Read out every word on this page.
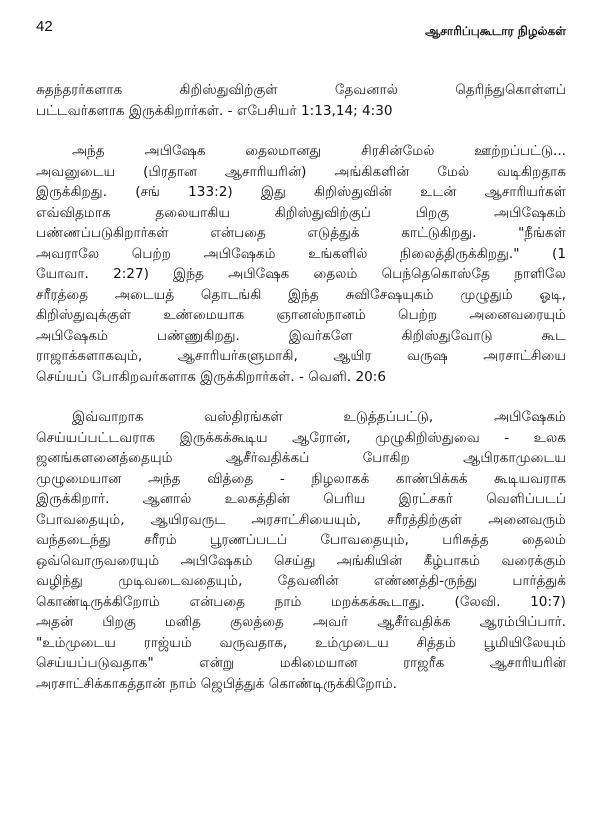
42	ஆசாரிப்புகூடார நிழல்கள்

சுதந்தரர்களாக கிறிஸ்துவிற்குள் தேவனால் தெரிந்துகொள்ளப்
பட்டவர்களாக இருக்கிறார்கள். - எபேசியர் 1:13,14; 4:30

அந்த அபிஷேக தைலமானது சிரசின்மேல் ஊற்றப்பட்டு...
அவனுடைய (பிரதான ஆசாரியரின்) அங்கிகளின் மேல் வடிகிறதாக
இருக்கிறது. (சங் 133:2) இது கிறிஸ்துவின் உடன் ஆசாரியர்கள்
எவ்விதமாக தலையாகிய கிறிஸ்துவிற்குப் பிறகு அபிஷேகம்
பண்ணப்படுகிறார்கள் என்பதை எடுத்துக் காட்டுகிறது. "நீங்கள்
அவராலே பெற்ற அபிஷேகம் உங்களில் நிலைத்திருக்கிறது." (1
யோவா. 2:27) இந்த அபிஷேக தைலம் பெந்தெகொஸ்தே நாளிலே
சரீரத்தை அடையத் தொடங்கி இந்த சுவிசேஷயுகம் முழுதும் ஓடி,
கிறிஸ்துவுக்குள் உண்மையாக ஞானஸ்நானம் பெற்ற அனைவரையும்
அபிஷேகம் பண்ணுகிறது. இவர்களே கிறிஸ்துவோடு கூட
ராஜாக்களாகவும், ஆசாரியர்களுமாகி, ஆயிர வருஷ அரசாட்சியை
செய்யப் போகிறவர்களாக இருக்கிறார்கள். - வெளி. 20:6

இவ்வாறாக வஸ்திரங்கள் உடுத்தப்பட்டு, அபிஷேகம்
செய்யப்பட்டவராக இருக்கக்கூடிய ஆரோன், முழுகிறிஸ்துவை - உலக
ஜனங்களனைத்தையும் ஆசீர்வதிக்கப் போகிற ஆபிரகாமுடைய
முழுமையான அந்த வித்தை - நிழலாகக் காண்பிக்கக் கூடியவராக
இருக்கிறார். ஆனால் உலகத்தின் பெரிய இரட்சகர் வெளிப்படப்
போவதையும், ஆயிரவருட அரசாட்சியையும், சரீரத்திற்குள் அனைவரும்
வந்தடைந்து சரீரம் பூரணப்படப் போவதையும், பரிசுத்த தைலம்
ஒவ்வொருவரையும் அபிஷேகம் செய்து அங்கியின் கீழ்பாகம் வரைக்கும்
வழிந்து முடிவடைவதையும், தேவனின் எண்ணத்தி-ருந்து பார்த்துக்
கொண்டிருக்கிறோம் என்பதை நாம் மறக்கக்கூடாது. (லேவி. 10:7)
அதன் பிறகு மனித குலத்தை அவர் ஆசீர்வதிக்க ஆரம்பிப்பார்.
"உம்முடைய ராஜ்யம் வருவதாக, உம்முடைய சித்தம் பூமியிலேயும்
செய்யப்படுவதாக" என்று மகிமையான ராஜரீக ஆசாரியரின்
அரசாட்சிக்காகத்தான் நாம் ஜெபித்துக் கொண்டிருக்கிறோம்.
